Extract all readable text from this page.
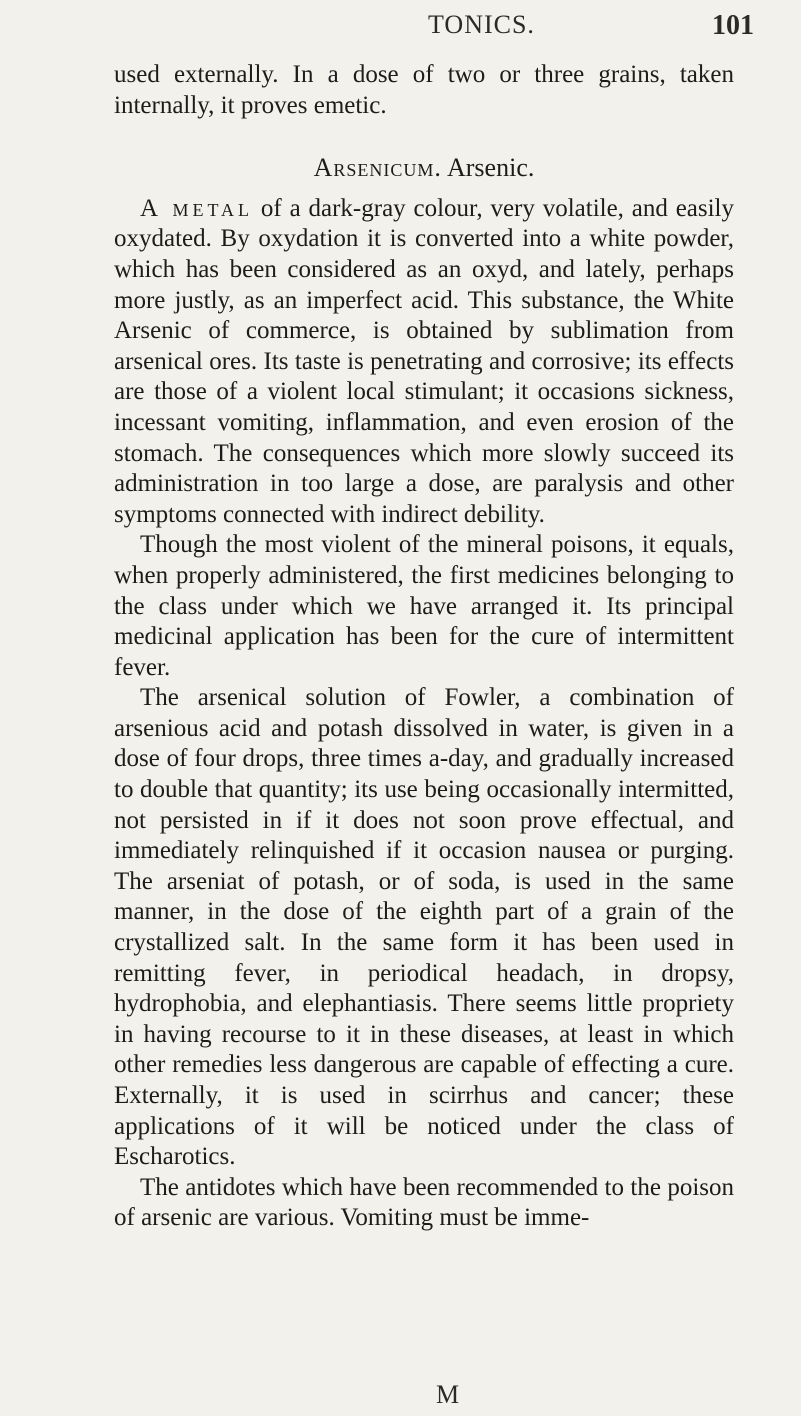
TONICS.	101

used externally. In a dose of two or three grains, taken internally, it proves emetic.

Arsenicum. Arsenic.

A metal of a dark-gray colour, very volatile, and easily oxydated. By oxydation it is converted into a white powder, which has been considered as an oxyd, and lately, perhaps more justly, as an imperfect acid. This substance, the White Arsenic of commerce, is obtained by sublimation from arsenical ores. Its taste is penetrating and corrosive; its effects are those of a violent local stimulant; it occasions sickness, incessant vomiting, inflammation, and even erosion of the stomach. The consequences which more slowly succeed its administration in too large a dose, are paralysis and other symptoms connected with indirect debility.

Though the most violent of the mineral poisons, it equals, when properly administered, the first medicines belonging to the class under which we have arranged it. Its principal medicinal application has been for the cure of intermittent fever.

The arsenical solution of Fowler, a combination of arsenious acid and potash dissolved in water, is given in a dose of four drops, three times a-day, and gradually increased to double that quantity; its use being occasionally intermitted, not persisted in if it does not soon prove effectual, and immediately relinquished if it occasion nausea or purging. The arseniat of potash, or of soda, is used in the same manner, in the dose of the eighth part of a grain of the crystallized salt. In the same form it has been used in remitting fever, in periodical headach, in dropsy, hydrophobia, and elephantiasis. There seems little propriety in having recourse to it in these diseases, at least in which other remedies less dangerous are capable of effecting a cure. Externally, it is used in scirrhus and cancer; these applications of it will be noticed under the class of Escharotics.

The antidotes which have been recommended to the poison of arsenic are various. Vomiting must be imme-

M
